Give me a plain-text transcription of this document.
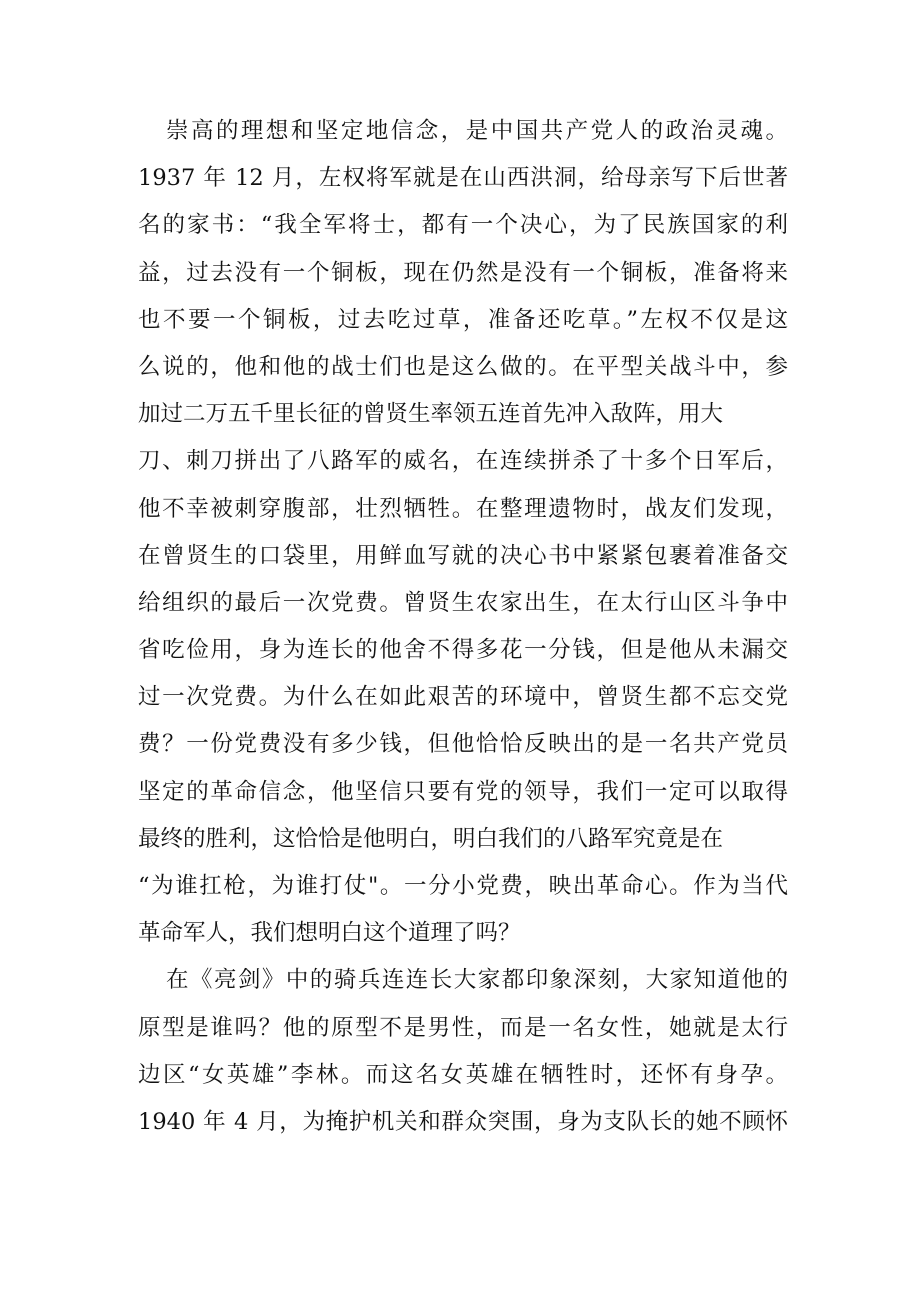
崇高的理想和坚定地信念，是中国共产党人的政治灵魂。
1937 年 12 月，左权将军就是在山西洪洞，给母亲写下后世著
名的家书：“我全军将士，都有一个决心，为了民族国家的利
益，过去没有一个铜板，现在仍然是没有一个铜板，准备将来
也不要一个铜板，过去吃过草，准备还吃草。”左权不仅是这
么说的，他和他的战士们也是这么做的。在平型关战斗中，参
加过二万五千里长征的曾贤生率领五连首先冲入敌阵，用大
刀、刺刀拼出了八路军的威名，在连续拼杀了十多个日军后，
他不幸被刺穿腹部，壮烈牺牲。在整理遗物时，战友们发现，
在曾贤生的口袋里，用鲜血写就的决心书中紧紧包裹着准备交
给组织的最后一次党费。曾贤生农家出生，在太行山区斗争中
省吃俭用，身为连长的他舍不得多花一分钱，但是他从未漏交
过一次党费。为什么在如此艰苦的环境中，曾贤生都不忘交党
费？一份党费没有多少钱，但他恰恰反映出的是一名共产党员
坚定的革命信念，他坚信只要有党的领导，我们一定可以取得
最终的胜利，这恰恰是他明白，明白我们的八路军究竟是在
“为谁扛枪，为谁打仗"。一分小党费，映出革命心。作为当代
革命军人，我们想明白这个道理了吗？
在《亮剑》中的骑兵连连长大家都印象深刻，大家知道他的
原型是谁吗？他的原型不是男性，而是一名女性，她就是太行
边区“女英雄”李林。而这名女英雄在牺牲时，还怀有身孕。
1940 年 4 月，为掩护机关和群众突围，身为支队长的她不顾怀
